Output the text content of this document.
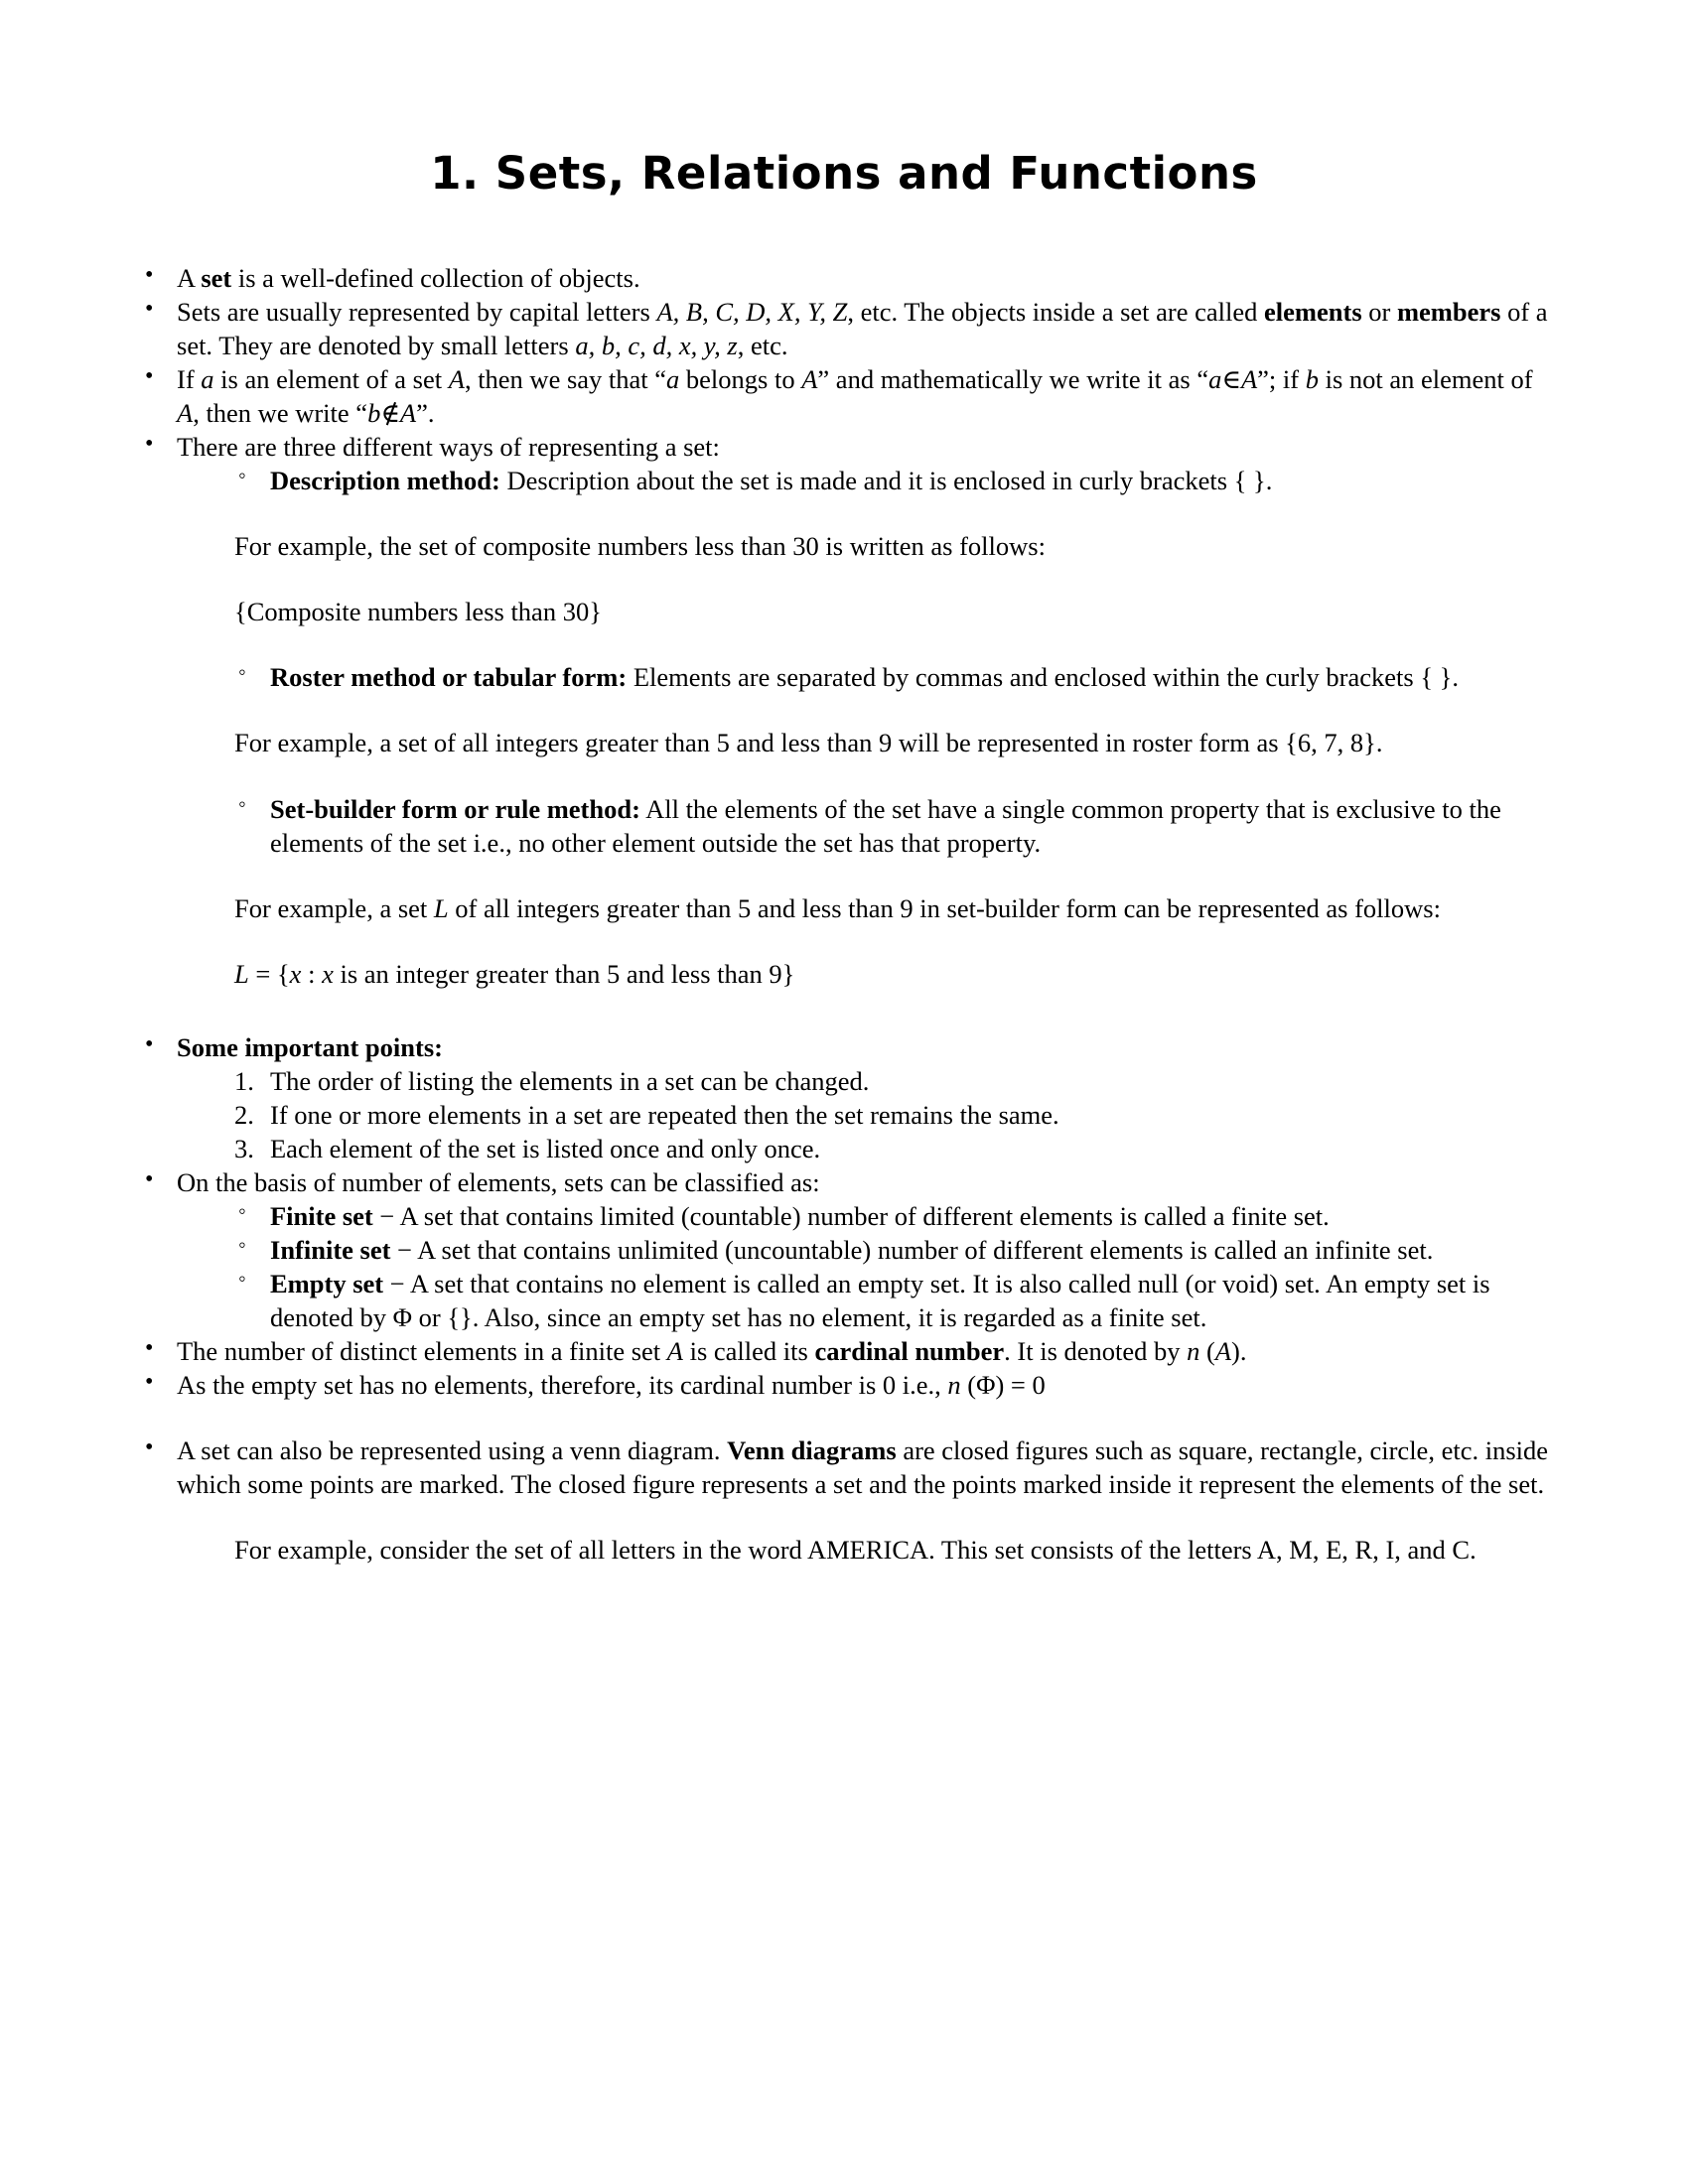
1. Sets, Relations and Functions
• A set is a well-defined collection of objects.
• Sets are usually represented by capital letters A, B, C, D, X, Y, Z, etc. The objects inside a set are called elements or members of a set. They are denoted by small letters a, b, c, d, x, y, z, etc.
• If a is an element of a set A, then we say that “a belongs to A” and mathematically we write it as “a∈A”; if b is not an element of A, then we write “b∉A”.
• There are three different ways of representing a set:
◦ Description method: Description about the set is made and it is enclosed in curly brackets { }.

For example, the set of composite numbers less than 30 is written as follows:

{Composite numbers less than 30}

◦ Roster method or tabular form: Elements are separated by commas and enclosed within the curly brackets { }.

For example, a set of all integers greater than 5 and less than 9 will be represented in roster form as {6, 7, 8}.

◦ Set-builder form or rule method: All the elements of the set have a single common property that is exclusive to the elements of the set i.e., no other element outside the set has that property.

For example, a set L of all integers greater than 5 and less than 9 in set-builder form can be represented as follows:

L = {x : x is an integer greater than 5 and less than 9}

• Some important points:
The order of listing the elements in a set can be changed.
If one or more elements in a set are repeated then the set remains the same.
Each element of the set is listed once and only once.
• On the basis of number of elements, sets can be classified as:
◦ Finite set − A set that contains limited (countable) number of different elements is called a finite set.
◦ Infinite set − A set that contains unlimited (uncountable) number of different elements is called an infinite set.
◦ Empty set − A set that contains no element is called an empty set. It is also called null (or void) set. An empty set is denoted by Φ or {}. Also, since an empty set has no element, it is regarded as a finite set.
• The number of distinct elements in a finite set A is called its cardinal number. It is denoted by n (A).
• As the empty set has no elements, therefore, its cardinal number is 0 i.e., n (Φ) = 0
• A set can also be represented using a venn diagram. Venn diagrams are closed figures such as square, rectangle, circle, etc. inside which some points are marked. The closed figure represents a set and the points marked inside it represent the elements of the set.

For example, consider the set of all letters in the word AMERICA. This set consists of the letters A, M, E, R, I, and C.
